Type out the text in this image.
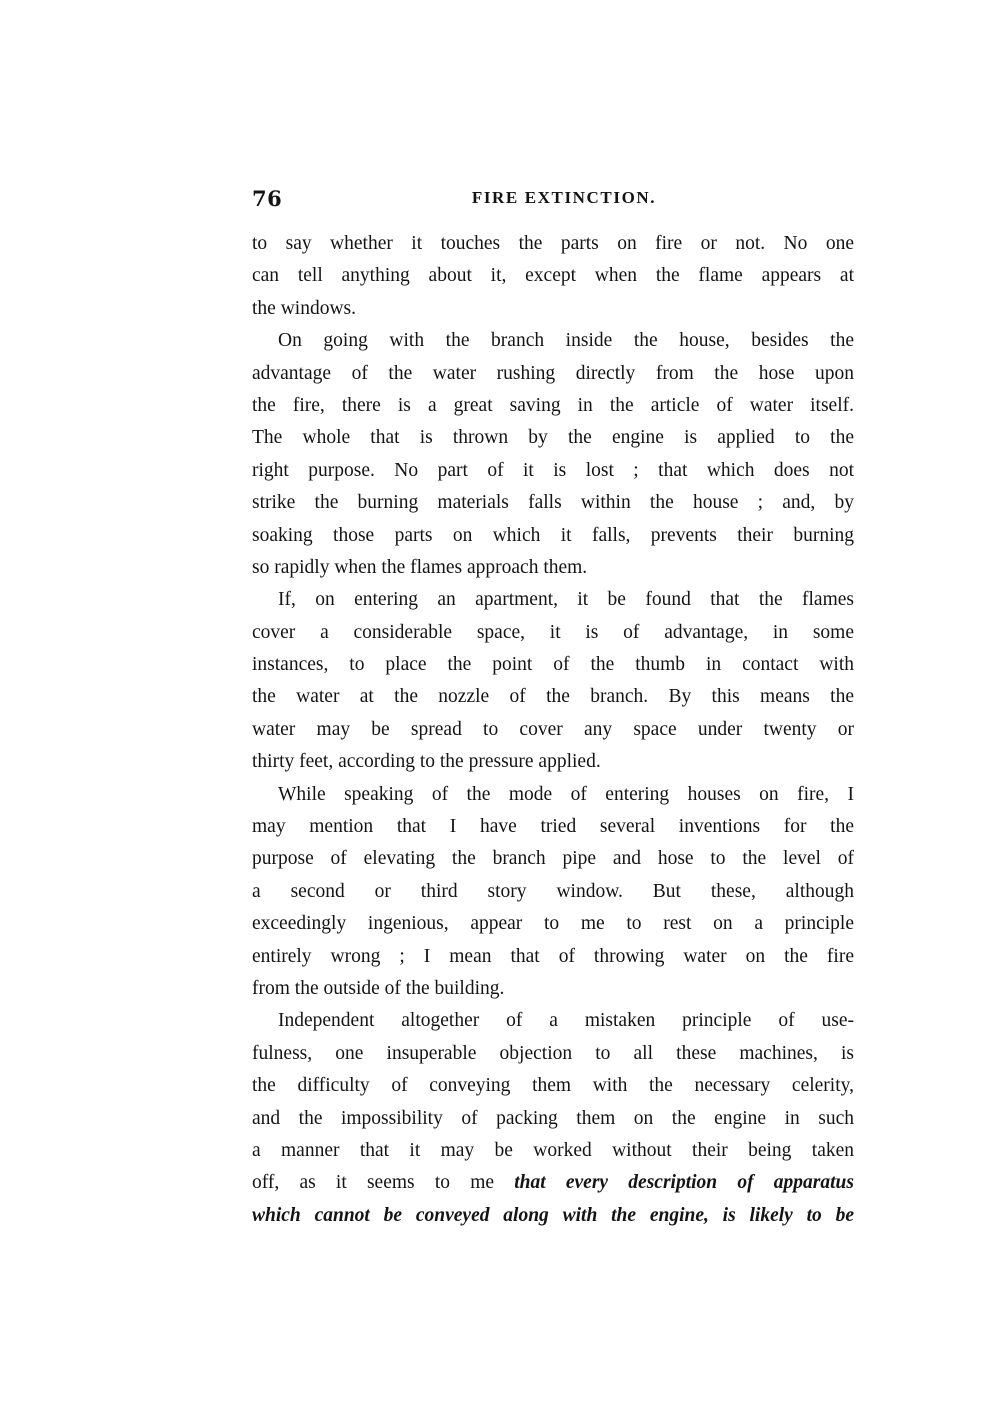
76	FIRE EXTINCTION.
to say whether it touches the parts on fire or not. No one
can tell anything about it, except when the flame appears at
the windows.
On going with the branch inside the house, besides the
advantage of the water rushing directly from the hose upon
the fire, there is a great saving in the article of water itself.
The whole that is thrown by the engine is applied to the
right purpose. No part of it is lost ; that which does not
strike the burning materials falls within the house ; and, by
soaking those parts on which it falls, prevents their burning
so rapidly when the flames approach them.
If, on entering an apartment, it be found that the flames
cover a considerable space, it is of advantage, in some
instances, to place the point of the thumb in contact with
the water at the nozzle of the branch. By this means the
water may be spread to cover any space under twenty or
thirty feet, according to the pressure applied.
While speaking of the mode of entering houses on fire, I
may mention that I have tried several inventions for the
purpose of elevating the branch pipe and hose to the level of
a second or third story window. But these, although
exceedingly ingenious, appear to me to rest on a principle
entirely wrong ; I mean that of throwing water on the fire
from the outside of the building.
Independent altogether of a mistaken principle of use-
fulness, one insuperable objection to all these machines, is
the difficulty of conveying them with the necessary celerity,
and the impossibility of packing them on the engine in such
a manner that it may be worked without their being taken
off, as it seems to me that every description of apparatus
which cannot be conveyed along with the engine, is likely to be
